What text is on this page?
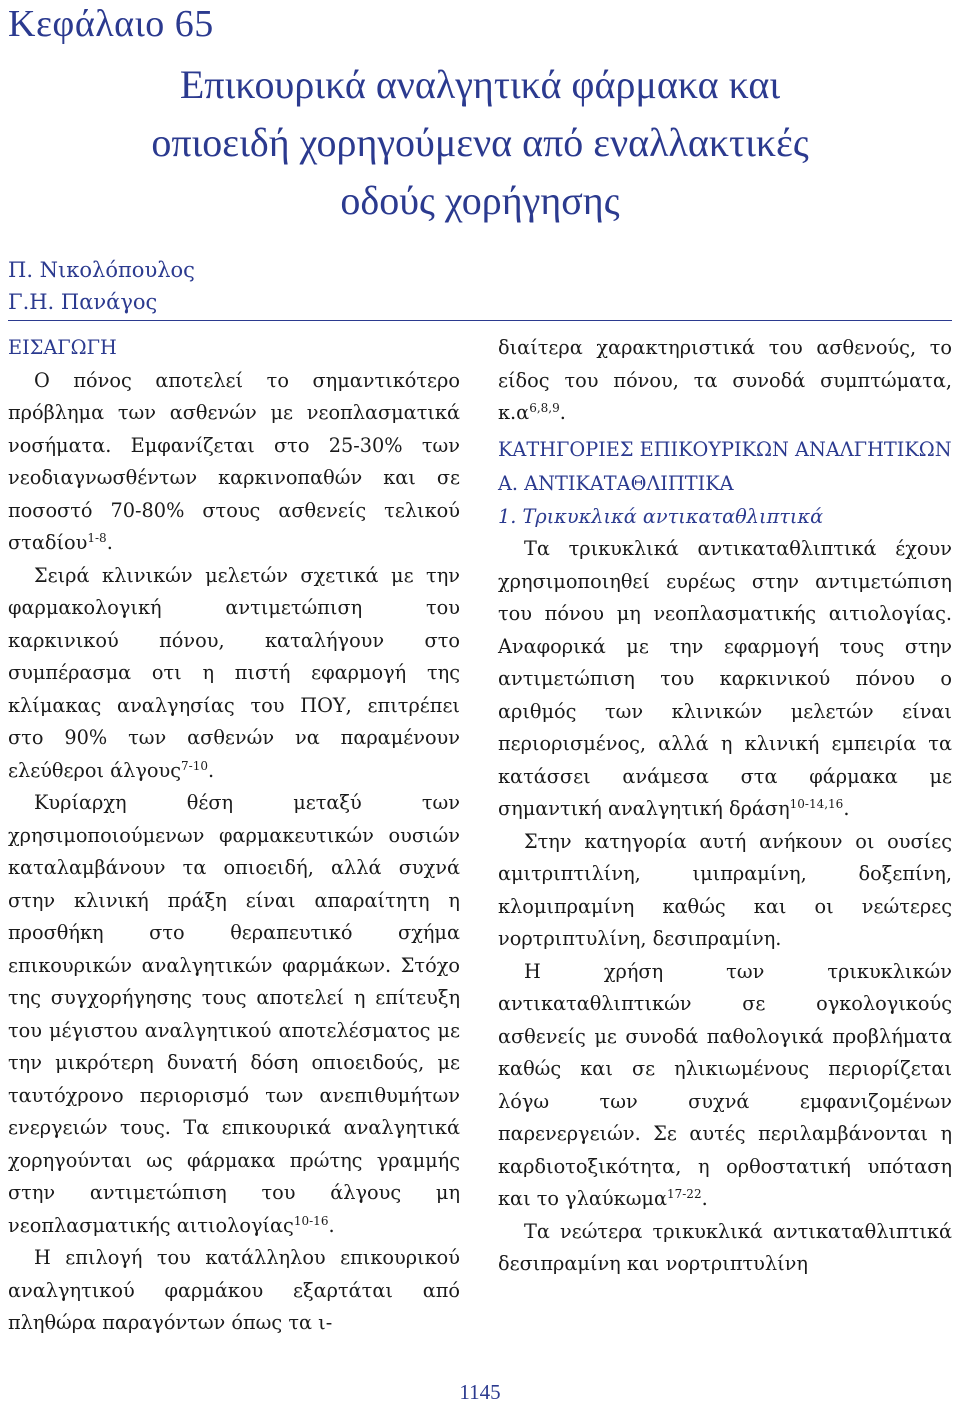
Κεφάλαιο 65
Επικουρικά αναλγητικά φάρμακα και
οπιοειδή χορηγούμενα από εναλλακτικές
οδούς χορήγησης
Π. Νικολόπουλος
Γ.Η. Πανάγος

ΕΙΣΑΓΩΓΗ

Ο πόνος αποτελεί το σημαντικότερο πρόβλημα των ασθενών με νεοπλασματικά νοσήματα. Εμφανίζεται στο 25-30% των νεοδιαγνωσθέντων καρκινοπαθών και σε ποσοστό 70-80% στους ασθενείς τελικού σταδίου$^{1-8}$.

Σειρά κλινικών μελετών σχετικά με την φαρμακολογική αντιμετώπιση του καρκινικού πόνου, καταλήγουν στο συμπέρασμα οτι η πιστή εφαρμογή της κλίμακας αναλγησίας του ΠΟΥ, επιτρέπει στο 90% των ασθενών να παραμένουν ελεύθεροι άλγους$^{7-10}$.

Κυρίαρχη θέση μεταξύ των χρησιμοποιούμενων φαρμακευτικών ουσιών καταλαμβάνουν τα οπιοειδή, αλλά συχνά στην κλινική πράξη είναι απαραίτητη η προσθήκη στο θεραπευτικό σχήμα επικουρικών αναλγητικών φαρμάκων. Στόχο της συγχορήγησης τους αποτελεί η επίτευξη του μέγιστου αναλγητικού αποτελέσματος με την μικρότερη δυνατή δόση οπιοειδούς, με ταυτόχρονο περιορισμό των ανεπιθυμήτων ενεργειών τους. Τα επικουρικά αναλγητικά χορηγούνται ως φάρμακα πρώτης γραμμής στην αντιμετώπιση του άλγους μη νεοπλασματικής αιτιολογίας$^{10-16}$.

Η επιλογή του κατάλληλου επικουρικού αναλγητικού φαρμάκου εξαρτάται από πληθώρα παραγόντων όπως τα ι-

διαίτερα χαρακτηριστικά του ασθενούς, το είδος του πόνου, τα συνοδά συμπτώματα, $\kappa.\alpha^{6,8,9}$.

ΚΑΤΗΓΟΡΙΕΣ ΕΠΙΚΟΥΡΙΚΩΝ ΑΝΑΛΓΗΤΙΚΩΝ

Α. ΑΝΤΙΚΑΤΑΘΛΙΠΤΙΚΑ

1. Τρικυκλικά αντικαταθλιπτικά

Τα τρικυκλικά αντικαταθλιπτικά έχουν χρησιμοποιηθεί ευρέως στην αντιμετώπιση του πόνου μη νεοπλασματικής αιτιολογίας. Αναφορικά με την εφαρμογή τους στην αντιμετώπιση του καρκινικού πόνου ο αριθμός των κλινικών μελετών είναι περιορισμένος, αλλά η κλινική εμπειρία τα κατάσσει ανάμεσα στα φάρμακα με σημαντική αναλγητική δράση$^{10-14,16}$.

Στην κατηγορία αυτή ανήκουν οι ουσίες αμιτριπτιλίνη, ιμιπραμίνη, δοξεπίνη, κλομιπραμίνη καθώς και οι νεώτερες νορτριπτυλίνη, δεσιπραμίνη.

Η χρήση των τρικυκλικών αντικαταθλιπτικών σε ογκολογικούς ασθενείς με συνοδά παθολογικά προβλήματα καθώς και σε ηλικιωμένους περιορίζεται λόγω των συχνά εμφανιζομένων παρενεργειών. Σε αυτές περιλαμβάνονται η καρδιοτοξικότητα, η ορθοστατική υπόταση και το γλαύκωμα$^{17-22}$.

Τα νεώτερα τρικυκλικά αντικαταθλιπτικά δεσιπραμίνη και νορτριπτυλίνη

1145
